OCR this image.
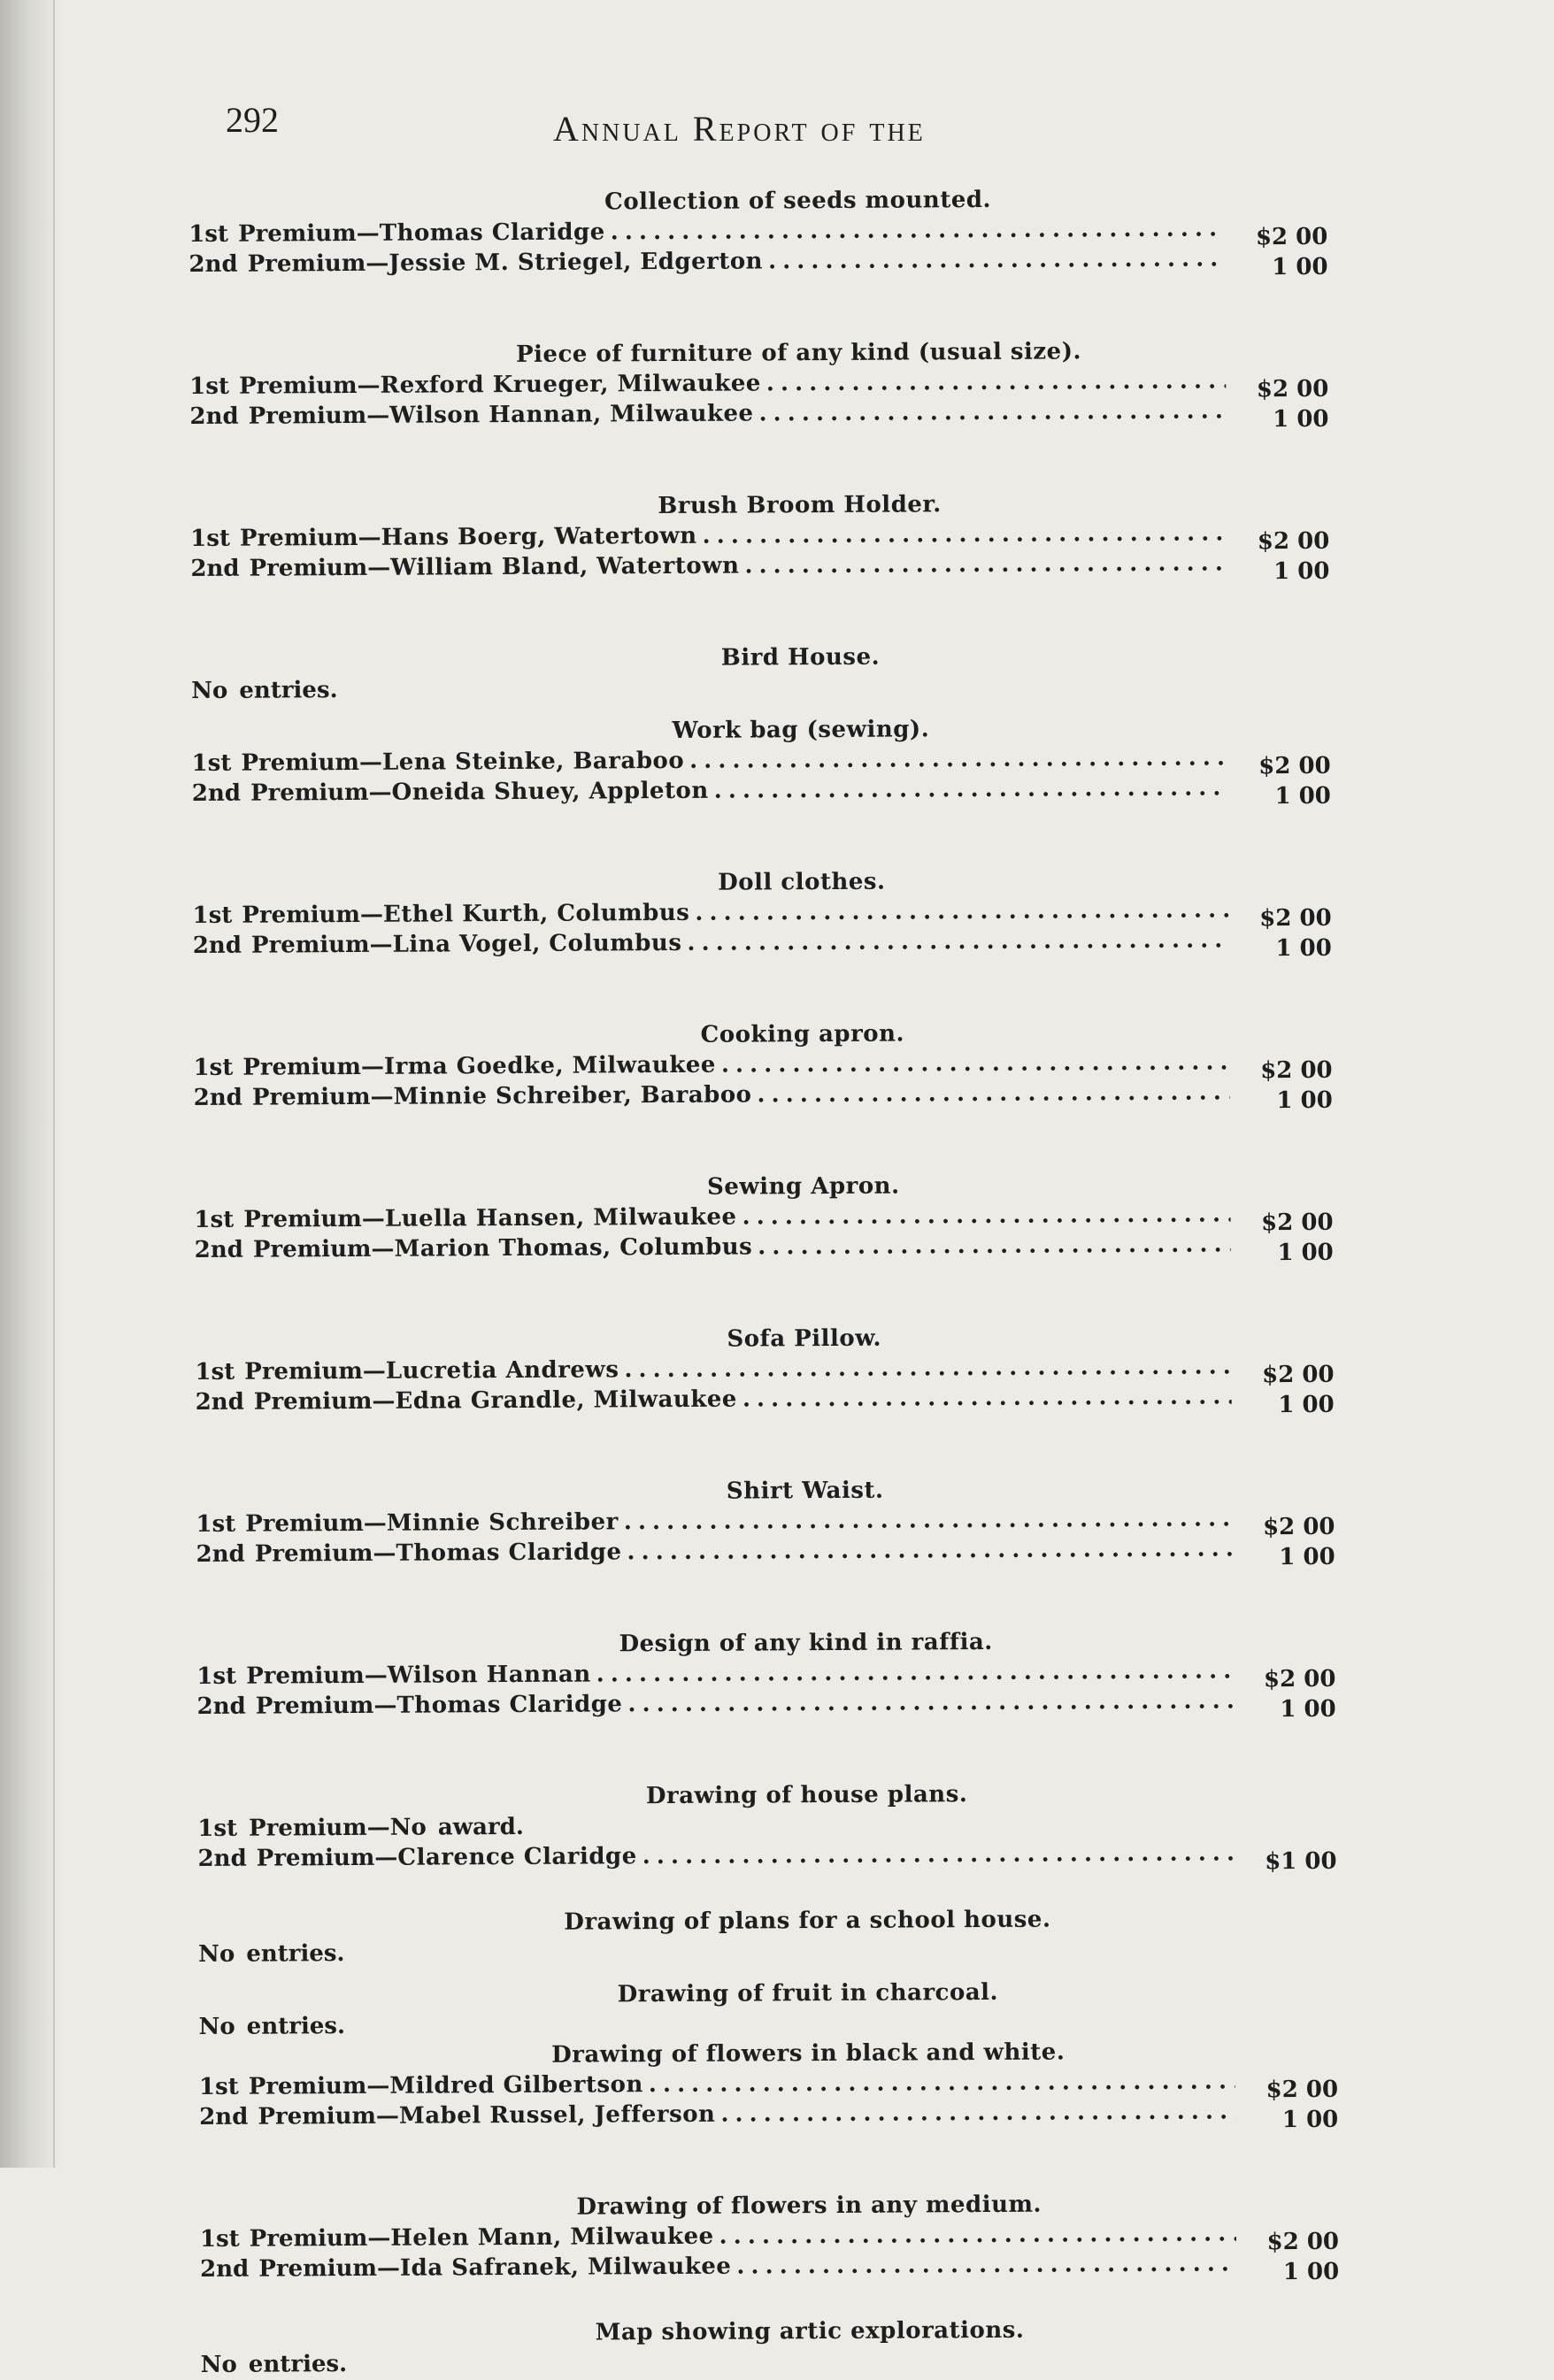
292	Annual Report of the

Collection of seeds mounted.
1st Premium— Thomas Claridge . . .	$2 00
2nd Premium— Jessie M. Striegel, Edgerton . . .	1 00
Piece of furniture of any kind (usual size).
1st Premium— Rexford Krueger, Milwaukee . . .	$2 00
2nd Premium— Wilson Hannan, Milwaukee . . .	1 00
Brush Broom Holder.
1st Premium— Hans Boerg, Watertown . . .	$2 00
2nd Premium— William Bland, Watertown . . .	1 00
Bird House.
No entries.
Work bag (sewing).
1st Premium— Lena Steinke, Baraboo . . .	$2 00
2nd Premium— Oneida Shuey, Appleton . . .	1 00
Doll clothes.
1st Premium— Ethel Kurth, Columbus . . .	$2 00
2nd Premium— Lina Vogel, Columbus . . .	1 00
Cooking apron.
1st Premium— Irma Goedke, Milwaukee . . .	$2 00
2nd Premium— Minnie Schreiber, Baraboo . . .	1 00
Sewing Apron.
1st Premium— Luella Hansen, Milwaukee . . .	$2 00
2nd Premium— Marion Thomas, Columbus . . .	1 00
Sofa Pillow.
1st Premium— Lucretia Andrews . . .	$2 00
2nd Premium— Edna Grandle, Milwaukee . . .	1 00
Shirt Waist.
1st Premium— Minnie Schreiber . . .	$2 00
2nd Premium— Thomas Claridge . . .	1 00
Design of any kind in raffia.
1st Premium— Wilson Hannan . . .	$2 00
2nd Premium— Thomas Claridge . . .	1 00
Drawing of house plans.
1st Premium—No award.
2nd Premium— Clarence Claridge . . .	$1 00
Drawing of plans for a school house.
No entries.
Drawing of fruit in charcoal.
No entries.
Drawing of flowers in black and white.
1st Premium— Mildred Gilbertson . . .	$2 00
2nd Premium— Mabel Russel, Jefferson . . .	1 00
Drawing of flowers in any medium.
1st Premium— Helen Mann, Milwaukee . . .	$2 00
2nd Premium— Ida Safranek, Milwaukee . . .	1 00
Map showing artic explorations.
No entries.
